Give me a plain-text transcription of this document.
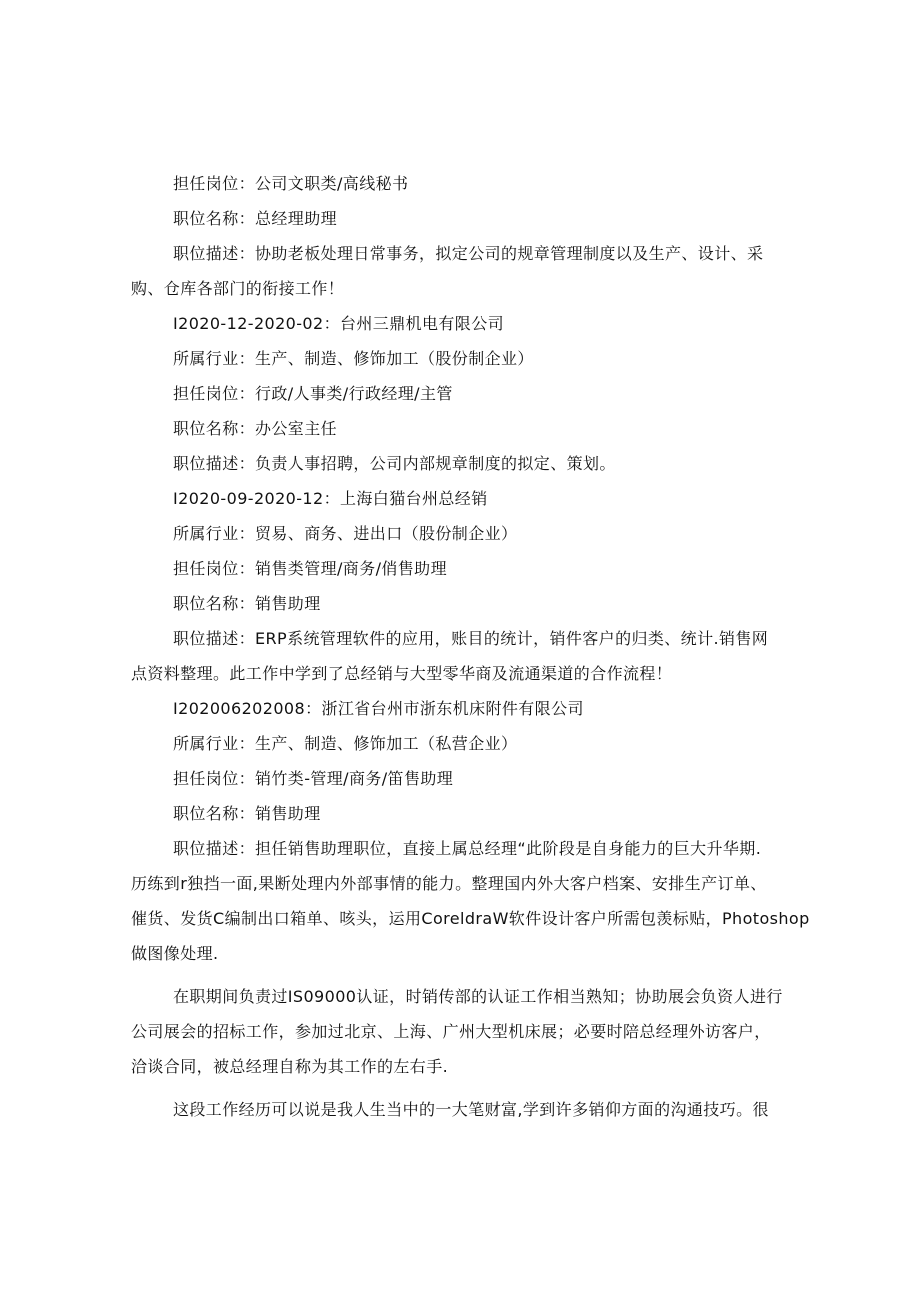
担任岗位：公司文职类/高线秘书
职位名称：总经理助理
职位描述：协助老板处理日常事务，拟定公司的规章管理制度以及生产、设计、采
购、仓库各部门的衔接工作！
I2020-12-2020-02：台州三鼎机电有限公司
所属行业：生产、制造、修饰加工（股份制企业）
担任岗位：行政/人事类/行政经理/主管
职位名称：办公室主任
职位描述：负责人事招聘，公司内部规章制度的拟定、策划。
I2020-09-2020-12：上海白猫台州总经销
所属行业：贸易、商务、进出口（股份制企业）
担任岗位：销售类管理/商务/俏售助理
职位名称：销售助理
职位描述：ERP系统管理软件的应用，账目的统计，销件客户的归类、统计.销售网
点资料整理。此工作中学到了总经销与大型零华商及流通渠道的合作流程！
I202006202008：浙江省台州市浙东机床附件有限公司
所属行业：生产、制造、修饰加工（私营企业）
担任岗位：销竹类-管理/商务/笛售助理
职位名称：销售助理
职位描述：担任销售助理职位，直接上属总经理“此阶段是自身能力的巨大升华期.
历练到r独挡一面,果断处理内外部事情的能力。整理国内外大客户档案、安排生产订单、
催货、发货C编制出口箱单、咳头，运用CoreldraW软件设计客户所需包羡标贴，Photoshop
做图像处理.
在职期间负责过IS09000认证，时销传部的认证工作相当熟知；协助展会负资人进行
公司展会的招标工作，参加过北京、上海、广州大型机床展；必要时陪总经理外访客户，
洽谈合同，被总经理自称为其工作的左右手.
这段工作经历可以说是我人生当中的一大笔财富,学到许多销仰方面的沟通技巧。很
